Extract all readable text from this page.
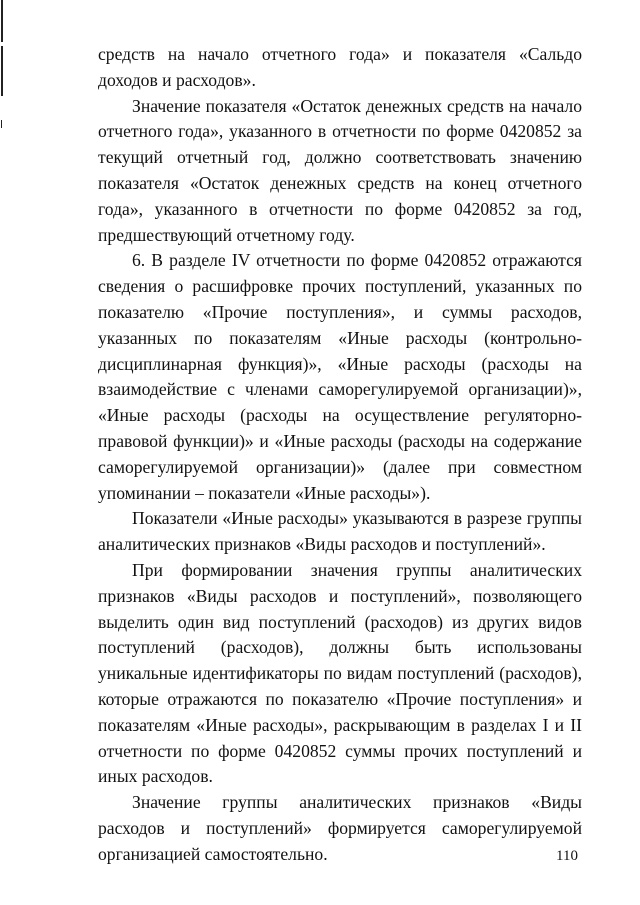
средств на начало отчетного года» и показателя «Сальдо доходов и расходов».

Значение показателя «Остаток денежных средств на начало отчетного года», указанного в отчетности по форме 0420852 за текущий отчетный год, должно соответствовать значению показателя «Остаток денежных средств на конец отчетного года», указанного в отчетности по форме 0420852 за год, предшествующий отчетному году.

6. В разделе IV отчетности по форме 0420852 отражаются сведения о расшифровке прочих поступлений, указанных по показателю «Прочие поступления», и суммы расходов, указанных по показателям «Иные расходы (контрольно-дисциплинарная функция)», «Иные расходы (расходы на взаимодействие с членами саморегулируемой организации)», «Иные расходы (расходы на осуществление регуляторно-правовой функции)» и «Иные расходы (расходы на содержание саморегулируемой организации)» (далее при совместном упоминании – показатели «Иные расходы»).

Показатели «Иные расходы» указываются в разрезе группы аналитических признаков «Виды расходов и поступлений».

При формировании значения группы аналитических признаков «Виды расходов и поступлений», позволяющего выделить один вид поступлений (расходов) из других видов поступлений (расходов), должны быть использованы уникальные идентификаторы по видам поступлений (расходов), которые отражаются по показателю «Прочие поступления» и показателям «Иные расходы», раскрывающим в разделах I и II отчетности по форме 0420852 суммы прочих поступлений и иных расходов.

Значение группы аналитических признаков «Виды расходов и поступлений» формируется саморегулируемой организацией самостоятельно.	110
